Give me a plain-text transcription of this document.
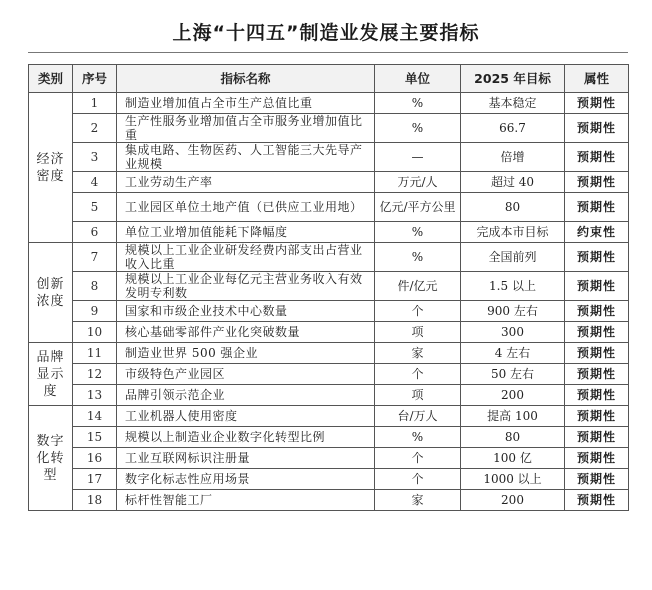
上海“十四五”制造业发展主要指标
类别	序号	指标名称	单位	2025 年目标	属性
经济密度	1	制造业增加值占全市生产总值比重	%	基本稳定	预期性
	2	生产性服务业增加值占全市服务业增加值比重	%	66.7	预期性
	3	集成电路、生物医药、人工智能三大先导产业规模	—	倍增	预期性
	4	工业劳动生产率	万元/人	超过 40	预期性
	5	工业园区单位土地产值（已供应工业用地）	亿元/平方公里	80	预期性
	6	单位工业增加值能耗下降幅度	%	完成本市目标	约束性
创新浓度	7	规模以上工业企业研发经费内部支出占营业收入比重	%	全国前列	预期性
	8	规模以上工业企业每亿元主营业务收入有效发明专利数	件/亿元	1.5 以上	预期性
	9	国家和市级企业技术中心数量	个	900 左右	预期性
	10	核心基础零部件产业化突破数量	项	300	预期性
品牌显示度	11	制造业世界 500 强企业	家	4 左右	预期性
	12	市级特色产业园区	个	50 左右	预期性
	13	品牌引领示范企业	项	200	预期性
数字化转型	14	工业机器人使用密度	台/万人	提高 100	预期性
	15	规模以上制造业企业数字化转型比例	%	80	预期性
	16	工业互联网标识注册量	个	100 亿	预期性
	17	数字化标志性应用场景	个	1000 以上	预期性
	18	标杆性智能工厂	家	200	预期性
